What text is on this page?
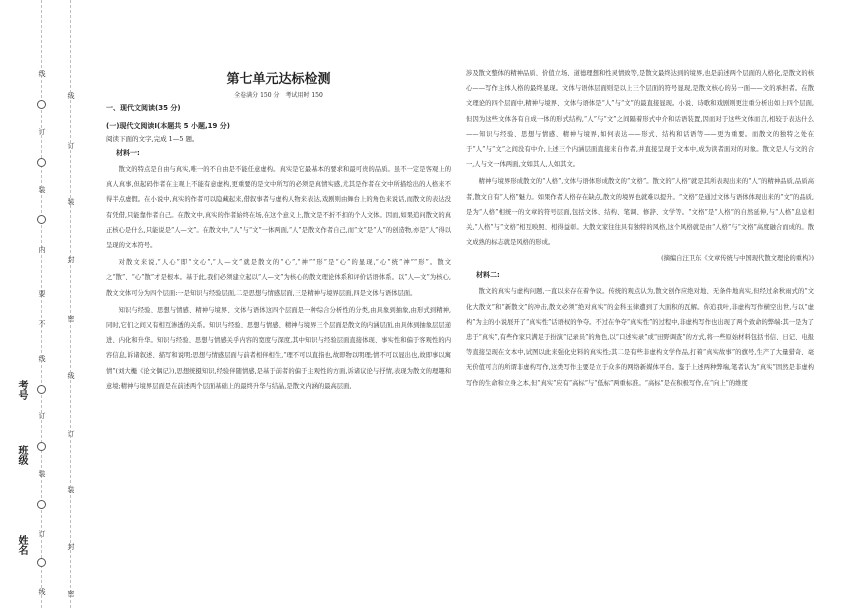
线
订
装
内
要
不
线
订
装
订
线
线
订
装
封
密
线
订
装
封
密
班级
考号
姓名
第七单元达标检测
全卷满分 150 分　考试用时 150
一、现代文阅读(35 分)
(一)现代文阅读Ⅰ(本题共 5 小题,19 分)
阅读下面的文字,完成 1—5 题。
材料一:

散文的特点是自由与真实,唯一的不自由是不能任意虚构。真实是它最基本的要求和最可贵的品质。虽不一定是客观上的真人真事,但起码作者在主观上不能有意虚构,更重要的是文中所写的必须是真情实感,尤其是作者在文中所描绘出的人格来不得半点虚假。在小说中,真实的作者可以隐藏起来,借叙事者与虚构人物来表达,戏剧则由舞台上的角色来说话,而散文的表达没有凭借,只能靠作者自己。在散文中,真实的作者始终在场,在这个意义上,散文是不折不扣的个人文体。因而,如果追问散文的真正核心是什么,只能说是“人—文”。在散文中,“人”与“文”一体两面,“人”是散文作者自己,而“文”是“人”的创造物,亦是“人”得以呈现的文本符号。

对散文来说,“人心”即“文心”,“人—文”就是散文的“心”,“神”“形”是“心”的显现,“心”统“神”“形”。散文之“散”、“心”散”才是根本。基于此,我们必须建立起以“人—文”为核心的散文理论体系和评价话语体系。以“人—文”为核心,散文文体可分为四个层面:一是知识与经验层面,二是思想与情感层面,三是精神与境界层面,四是文体与语体层面。

知识与经验、思想与情感、精神与境界、文体与语体这四个层面是一种综合分析性的分类,由具象到抽象,由形式到精神,同时,它们之间又有相互渗透的关系。知识与经验、思想与情感、精神与境界三个层面是散文的内涵层面,由具体到抽象层层递进、内化和升华。知识与经验、思想与情感关乎内容的宽度与深度,其中知识与经验层面直接体现、事实性和偏于客观性的内容信息,诉诸叙述、描写和说明;思想与情感层面与前者相伴相生,“理不可以直指也,故即物以明理;情不可以显出也,故即事以寓情”(刘大櫆《论文偶记》),思想统摄知识,经验伴随情感,是基于前者的偏于主观性的方面,诉诸议论与抒情,表现为散文的理趣和意境;精神与境界层面是在前述两个层面基础上的最终升华与结晶,是散文内涵的最高层面,

涉及散文整体的精神品质、价值立场、道德理想和性灵情致等,是散文最终达到的境界,也是前述两个层面的人格化,是散文的核心——写作主体人格的最终显现。文体与语体层面则是以上三个层面的符号显现,是散文核心的另一面——文的承担者。在散文理论的四个层面中,精神与境界、文体与语体是“人”与“文”的最直接显现。小说、诗歌和戏剧则更注重分析出如上四个层面,但因为这些文体各有自成一体的形式结构,“人”与“文”之间隔着形式中介和话语装置,因而对于这些文体而言,相较于表达什么——知识与经验、思想与情感、精神与境界,如何表达——形式、结构和话语等——更为重要。而散文的独特之处在于“人”与“文”之间没有中介,上述三个内涵层面直接来自作者,并直接呈现于文本中,成为读者面对的对象。散文是人与文的合一,人与文一体两面,文如其人,人如其文。

精神与境界形成散文的“人格”,文体与语体形成散文的“文格”。散文的“人格”就是其所表现出来的“人”的精神品质,品质高者,散文自有“人格”魅力。如果作者人格存在缺点,散文的境界也就难以提升。“文格”是通过文体与语体体现出来的“文”的品质,是为“人格”相统一的文章的符号层面,包括文体、结构、笔调、修辞、文学等。“文格”是“人格”的自然延伸,与“人格”息息相关,“人格”与“文格”相互映照、相得益彰。大散文家往往具有独特的风格,这个风格就是由“人格”与“文格”高度融合而成的。散文成熟的标志就是风格的形成。

(摘编自汪卫东《文章传统与中国现代散文理论的重构》)

材料二:

散文的真实与虚构问题,一直以来存在着争议。传统的观点认为,散文创作应绝对地、无条件地真实,但经过余秋雨式的“文化大散文”和“新散文”的冲击,散文必须“绝对真实”的金科玉律遭到了大面积的瓦解。你追我叶,非虚构写作横空出世,与以“虚构”为主的小说展开了“真实性”话语权的争夺。不过在争夺“真实性”的过程中,非虚构写作也出现了两个致命的弊端:其一是为了忠于“真实”,有些作家只满足于扮演“记录员”的角色,以“口述实录”或“田野调查”的方式,将一些原始材料包括书信、日记、电报等直接呈现在文本中,试图以此来强化史料的真实性;其二是有些非虚构文学作品,打着“真实故事”的旗号,生产了大量猎奇、毫无价值可言的所谓非虚构写作,这类写作主要是立于众多的网络新媒体平台。鉴于上述两种弊端,笔者认为“真实”固然是非虚构写作的生命和立身之本,但“真实”应有“高标”与“低标”两重标准。“高标”是在积极写作,在“向上”的维度
